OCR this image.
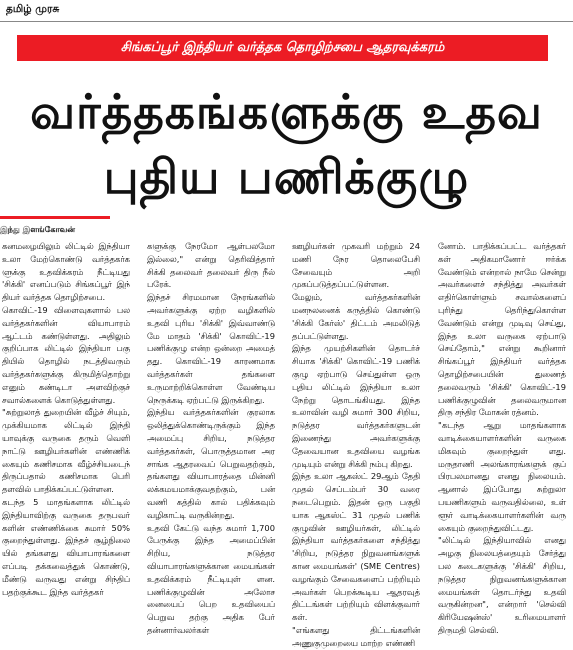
தமிழ் முரசு
சிங்கப்பூர் இந்தியர் வர்த்தக தொழிற்சபை ஆதரவுக்கரம்
வர்த்தகங்களுக்கு உதவ
புதிய பணிக்குழு
இந்து இளங்கோவன்
கனமழையிலும் லிட்டில் இந்தியா உலா மேற்கொண்டு வர்த்தகர்க ளுக்கு உதவிக்கரம் நீட்டியது 'சிக்கி' எனப்படும் சிங்கப்பூர் இந் தியர் வர்த்தக தொழிற்சபை.
கொவிட்-19 விளைவுகளால் பல வர்த்தகர்களின் வியாபாரம் ஆட்டம் கண்டுள்ளது. அதிலும் குறிப்பாக லிட்டில் இந்தியா பகு தியில் தொழில் நடத்திவரும் வர்த்தகர்களுக்கு கிருமித்தொற்று எனும் கண்டிடா அளவிற்குச் சவால்களைக் கொடுத்துள்ளது.
"சுற்றுலாத் துறையின் வீழ்ச் சியும், முக்கியமாக லிட்டில் இந்தி யாவுக்கு வருகை தரும் வெளி நாட்டு ஊழியர்களின் எண்ணிக் கையும் கணிசமாக வீழ்ச்சியடைந் திருப்பதால் கணிசமாக பெரி தளவில் பாதிக்கப்பட்டுள்ளன.
கடந்த 5 மாதங்களாக லிட்டில் இந்தியாவிற்கு வருகை தருபவர் களின் எண்ணிக்கை சுமார் 50% குறைந்துள்ளது. இந்தச் சூழ்நிலை யில் தங்களது வியாபாரங்களை எப்படி தக்கவைத்துக் கொண்டு, மீண்டு வருவது என்று சிந்திப் பதற்குக்கூட இந்த வர்த்தகர்
களுக்கு நேரமோ ஆள்பலமோ இல்லை," என்று தெரிவித்தார் சிக்கி தலைவர் தலைவர் திரு நீல் பரேக்.
இந்தச் சிரமமான நேரங்களில் அவர்களுக்கு ஏற்ற வழிகளில் உதவி புரிய 'சிக்கி' இவ்வாண்டு மே மாதம் 'சிக்கி' கொவிட்-19 பணிக்குழு என்ற ஒன்றை அமைத் தது. கொவிட்-19 காரணமாக வர்த்தகர்கள் தங்களை உருமாற்றிக்கொள்ள வேண்டிய நெருக்கடி ஏற்பட்டு இருக்கிறது.
இந்திய வர்த்தகர்களின் குரலாக ஒலித்துக்கொண்டிருக்கும் இந்த அமைப்பு சிறிய, நடுத்தர வர்த்தகர்கள், பொருத்தமான அர சாங்க ஆதரவைப் பெறுவதற்கும், தங்களது வியாபாரத்தை மின்னி லக்கமயமாக்குவதற்கும், பன் வணி கத்தில் கால் பதிக்கவும் வழிகாட்டி வருகின்றது.
உதவி கேட்டு வந்த சுமார் 1,700 பேருக்கு இந்த அமைப்பின் சிறிய, நடுத்தர வியாபாரங்களுக்கான மையங்கள் உதவிக்கரம் நீட்டியுள் ளன. பணிக்குழுவின் அலோச னையைப் பெற உதவியைப் பெறுவ தற்கு அதிக பேர் தன்னார்வலர்கள்
ஊழியர்கள் முகவரி மற்றும் 24 மணி நேர தொலைபேசி சேவையும் அறி முகப்படுத்தப்பட்டுள்ளன.
மேலும், வர்த்தகர்களின் மனநலனைக் கருத்தில் கொண்டு 'சிக்கி கேர்ஸ்' திட்டம் அமலிடுத் தப்பட்டுள்ளது.
இந்த முயற்சிகளின் தொடர்ச் சியாக 'சிக்கி' கொவிட்-19 பணிக் குழு ஏற்பாடு செய்துள்ள ஒரு புதிய லிட்டில் இந்தியா உலா நேற்று தொடங்கியது. இந்த உலாவின் வழி சுமார் 300 சிறிய, நடுத்தர வர்த்தகர்களுடன் இணைந்து அவர்களுக்கு தேவையான உதவியை வழங்க முடியும் என்று சிக்கி நம்பு கிறது.
இந்த உலா ஆகஸ்ட் 29ஆம் தேதி முதல் செப்டம்பர் 30 வரை நடைபெறும். இதன் ஒரு பகுதி யாக ஆகஸ்ட் 31 முதல் பணிக் குழுவின் ஊழியர்கள், லிட்டில் இந்தியா வர்த்தகர்களை சந்தித்து 'சிறிய, நடுத்தர நிறுவனங்களுக் கான மையங்கள்' (SME Centres) வழங்கும் சேவைகளைப் பற்றியும் அவர்கள் பெறக்கூடிய ஆதரவுத் திட்டங்கள் பற்றியும் விளக்குவார் கள்.
"எங்களது திட்டங்களின் அணுகுமுறையை மாற்ற எண்ணி
னோம். பாதிக்கப்பட்ட வர்த்தகர் கள் அதிகமானோர் ஈர்க்க வேண்டும் என்றால் நாமே சென்று அவர்களைச் சந்தித்து அவர்கள் எதிர்கொள்ளும் சவால்களைப் புரிந்து தெரிந்துகொள்ள வேண்டும் என்று முடிவு செய்து, இந்த உலா வருகை ஏற்பாடு செய்தோம்," என்று கூறினார் சிங்கப்பூர் இந்தியர் வர்த்தக தொழிற்சபையின் துணைத் தலைவரும் 'சிக்கி' கொவிட்-19 பணிக்குழுவின் தலைவருமான திரு சந்திர மோகன் ரத்னம்.
"கடந்த ஆறு மாதங்களாக வாடிக்கையாளர்களின் வருகை மிகவும் குறைந்துள் ளது. மருதாணி அலங்காரங்களுக் குப் பிரபலமானது எனது நிலையம். ஆனால் இப்போது சுற்றுலா பயணிகளும் வருவதில்லை, உள் ளூர் வாடிக்கையாளர்களின் வரு கையும் குறைந்துவிட்டது.
"லிட்டில் இந்தியாவில் எனது அழகு நிலையத்தையும் சேர்த்து பல கடைகளுக்கு 'சிக்கி' சிறிய, நடுத்தர நிறுவனங்களுக்கான மையங்கள் தொடர்ந்து உதவி வருகின்றன", என்றார் 'செல்வி கிரியேஷன்ஸ்' உரிமையாளர் திருமதி செல்வி.
